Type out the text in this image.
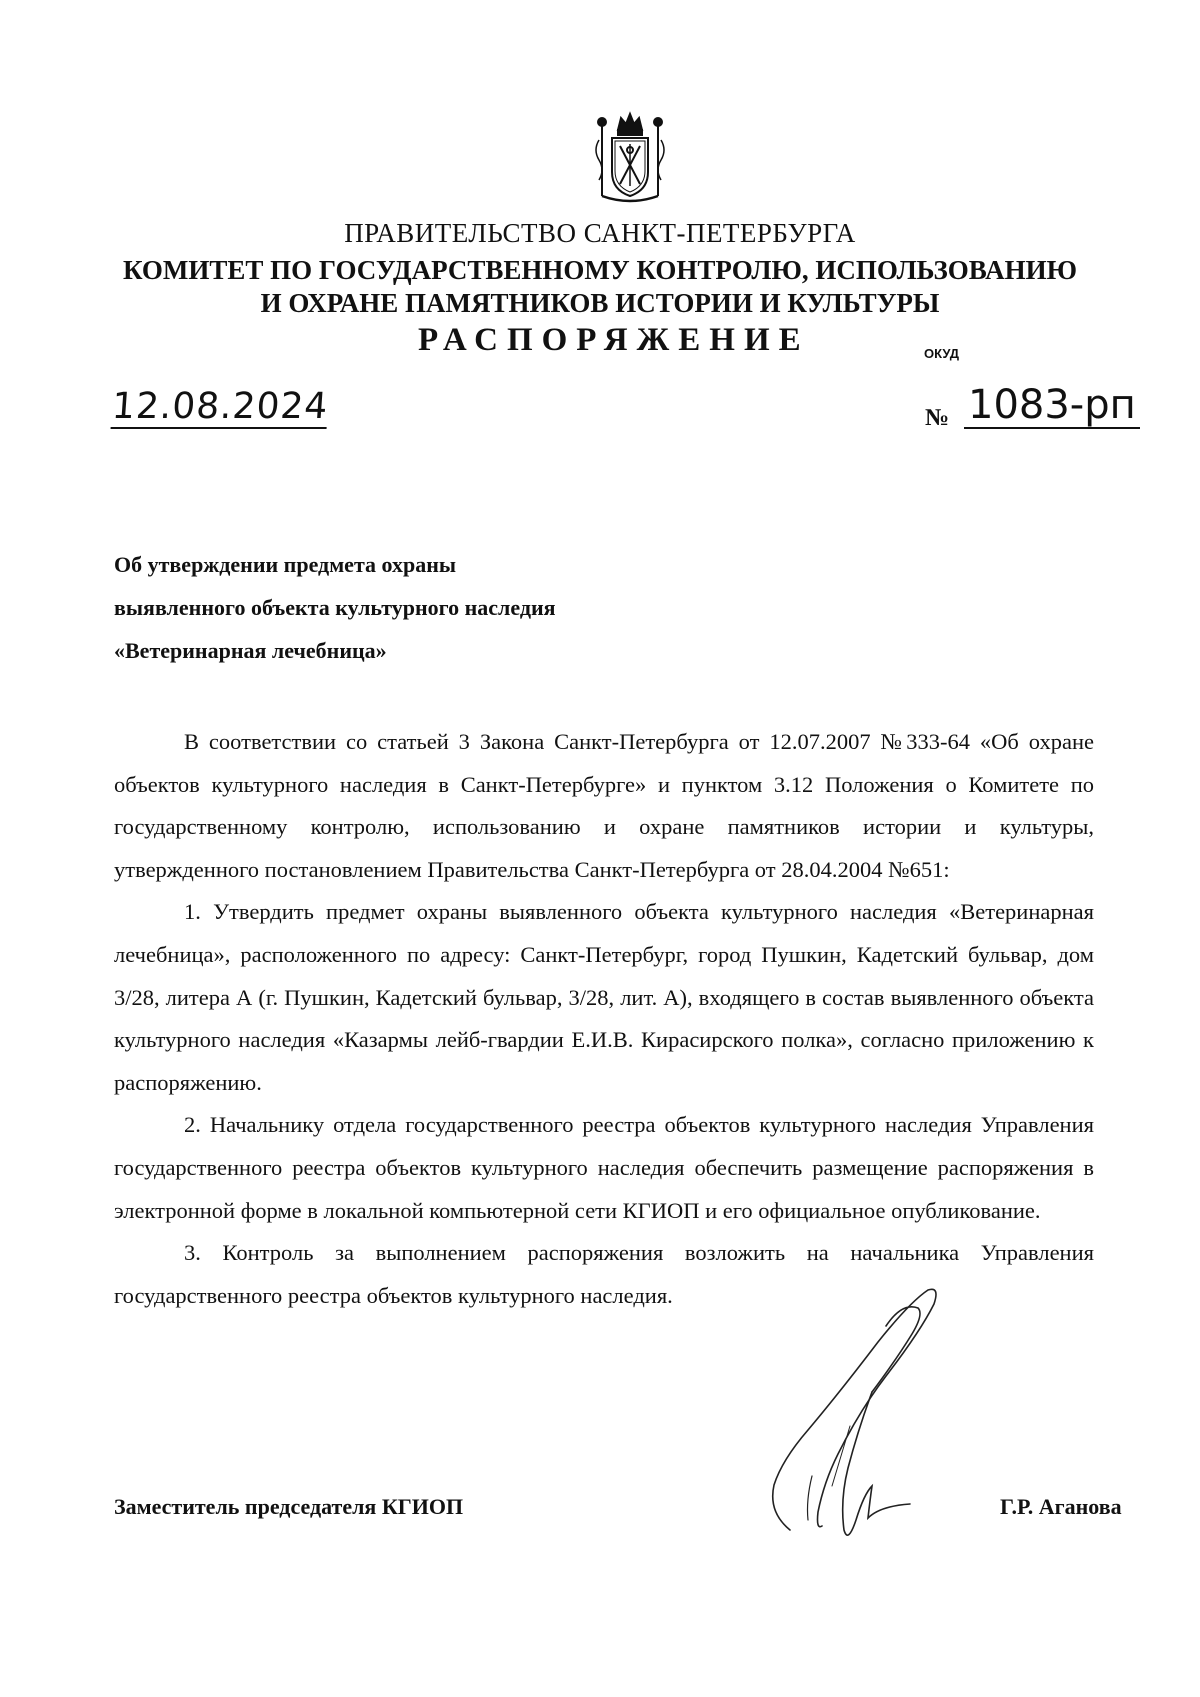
ПРАВИТЕЛЬСТВО САНКТ-ПЕТЕРБУРГА
КОМИТЕТ ПО ГОСУДАРСТВЕННОМУ КОНТРОЛЮ, ИСПОЛЬЗОВАНИЮ
И ОХРАНЕ ПАМЯТНИКОВ ИСТОРИИ И КУЛЬТУРЫ
РАСПОРЯЖЕНИЕ	ОКУД
12.08.2024	№ 1083-рп
Об утверждении предмета охраны
выявленного объекта культурного наследия
«Ветеринарная лечебница»

В соответствии со статьей 3 Закона Санкт-Петербурга от 12.07.2007 №333-64 «Об охране объектов культурного наследия в Санкт-Петербурге» и пунктом 3.12 Положения о Комитете по государственному контролю, использованию и охране памятников истории и культуры, утвержденного постановлением Правительства Санкт-Петербурга от 28.04.2004 №651:

1. Утвердить предмет охраны выявленного объекта культурного наследия «Ветеринарная лечебница», расположенного по адресу: Санкт-Петербург, город Пушкин, Кадетский бульвар, дом 3/28, литера А (г. Пушкин, Кадетский бульвар, 3/28, лит. А), входящего в состав выявленного объекта культурного наследия «Казармы лейб-гвардии Е.И.В. Кирасирского полка», согласно приложению к распоряжению.

2. Начальнику отдела государственного реестра объектов культурного наследия Управления государственного реестра объектов культурного наследия обеспечить размещение распоряжения в электронной форме в локальной компьютерной сети КГИОП и его официальное опубликование.

3. Контроль за выполнением распоряжения возложить на начальника Управления государственного реестра объектов культурного наследия.

Заместитель председателя КГИОП	Г.Р. Аганова
